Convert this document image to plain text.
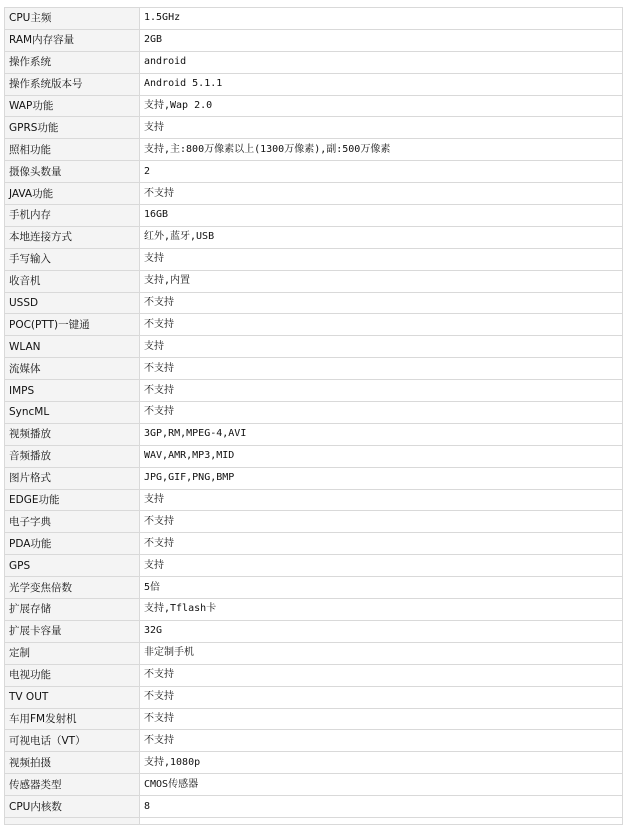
CPU主频	1.5GHz
RAM内存容量	2GB
操作系统	android
操作系统版本号	Android 5.1.1
WAP功能	支持,Wap 2.0
GPRS功能	支持
照相功能	支持,主:800万像素以上(1300万像素),副:500万像素
摄像头数量	2
JAVA功能	不支持
手机内存	16GB
本地连接方式	红外,蓝牙,USB
手写输入	支持
收音机	支持,内置
USSD	不支持
POC(PTT)一键通	不支持
WLAN	支持
流媒体	不支持
IMPS	不支持
SyncML	不支持
视频播放	3GP,RM,MPEG-4,AVI
音频播放	WAV,AMR,MP3,MID
图片格式	JPG,GIF,PNG,BMP
EDGE功能	支持
电子字典	不支持
PDA功能	不支持
GPS	支持
光学变焦倍数	5倍
扩展存储	支持,Tflash卡
扩展卡容量	32G
定制	非定制手机
电视功能	不支持
TV OUT	不支持
车用FM发射机	不支持
可视电话（VT）	不支持
视频拍摄	支持,1080p
传感器类型	CMOS传感器
CPU内核数	8
